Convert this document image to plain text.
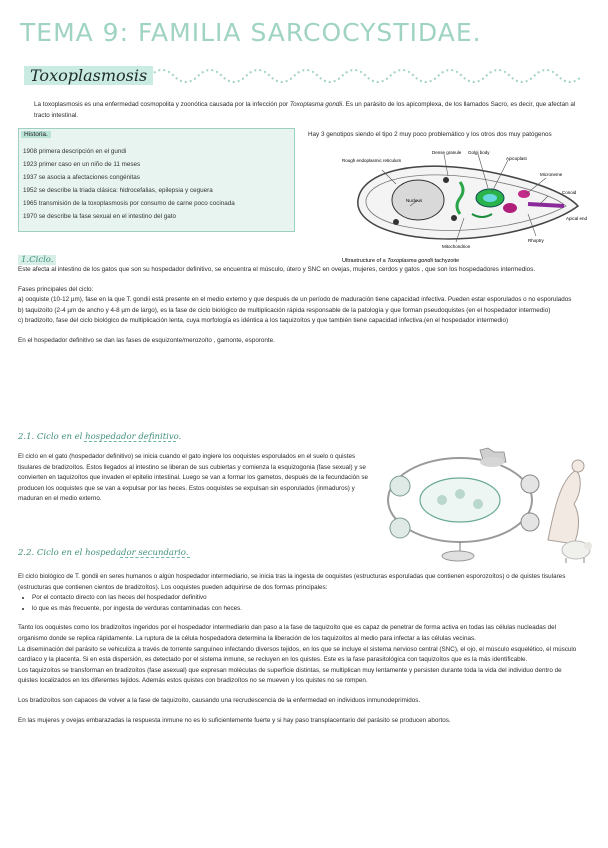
TEMA 9: FAMILIA SARCOCYSTIDAE.
Toxoplasmosis
La toxoplasmosis es una enfermedad cosmopolita y zoonótica causada por la infección por Toxoplasma gondii. Es un parásito de los apicomplexa, de los llamados Sacro, es decir, que afectan al tracto intestinal.
Historia.
1908 primera descripción en el gundi
1923 primer caso en un niño de 11 meses
1937 se asocia a afectaciones congénitas
1952 se describe la triada clásica: hidrocefalias, epilepsia y ceguera
1965 transmisión de la toxoplasmosis por consumo de carne poco cocinada
1970 se describe la fase sexual en el intestino del gato
Hay 3 genotipos siendo el tipo 2 muy poco problemático y los otros dos muy patógenos
Rough endoplasmic reticulum
Dense granule Golgi body
Apicoplast
Microneme
Conoid
Apical end
Nucleus
Mitochondrion
Rhoptry
Ultrastructure of a Toxoplasma gondii tachyzoite
1.Ciclo.
Este afecta al intestino de los gatos que son su hospedador definitivo, se encuentra el músculo, útero y SNC en ovejas, mujeres, cerdos y gatos , que son los hospedadores intermedios.
Fases principales del ciclo:
a) ooquiste (10-12 µm), fase en la que T. gondii está presente en el medio externo y que después de un período de maduración tiene capacidad infectiva. Pueden estar esporulados o no esporulados
b) taquizoíto (2-4 µm de ancho y 4-8 µm de largo), es la fase de ciclo biológico de multiplicación rápida responsable de la patología y que forman pseudoquistes (en el hospedador intermedio)
c) bradizoíto, fase del ciclo biológico de multiplicación lenta, cuya morfología es idéntica a los taquizoítos y que también tiene capacidad infectiva.(en el hospedador intermedio)
En el hospedador definitivo se dan las fases de esquizonte/merozoíto , gamonte, esporonte.
2.1. Ciclo en el hospedador definitivo.
El ciclo en el gato (hospedador definitivo) se inicia cuando el gato ingiere los ooquistes esporulados en el suelo o quistes tisulares de bradizoítos. Estos llegados al intestino se liberan de sus cubiertas y comienza la esquizogonia (fase sexual) y se convierten en taquizoítos que invaden el epitelio intestinal. Luego se van a formar los gametos, después de la fecundación se producen los ooquistes que se van a expulsar por las heces. Estos ooquistes se expulsan sin esporulados (inmaduros) y maduran en el medio externo.
2.2. Ciclo en el hospedador secundario.
El ciclo biológico de T. gondii en seres humanos o algún hospedador intermediario, se inicia tras la ingesta de ooquistes (estructuras esporuladas que contienen esporozoítos) o de quistes tisulares (estructuras que contienen cientos de bradizoítos). Los ooquistes pueden adquirirse de dos formas principales:
• Por el contacto directo con las heces del hospedador definitivo
• lo que es más frecuente, por ingesta de verduras contaminadas con heces.
Tanto los ooquistes como los bradizoítos ingeridos por el hospedador intermediario dan paso a la fase de taquizoíto que es capaz de penetrar de forma activa en todas las células nucleadas del organismo donde se replica rápidamente. La ruptura de la célula hospedadora determina la liberación de los taquizoítos al medio para infectar a las células vecinas.
La diseminación del parásito se vehiculiza a través de torrente sanguíneo infectando diversos tejidos, en los que se incluye el sistema nervioso central (SNC), el ojo, el músculo esquelético, el músculo cardíaco y la placenta. Si en esta dispersión, es detectado por el sistema inmune, se recluyen en los quistes. Este es la fase parasitológica con taquizoítos que es la más identificable.
Los taquizoítos se transforman en bradizoítos (fase asexual) que expresan moléculas de superficie distintas, se multiplican muy lentamente y persisten durante toda la vida del individuo dentro de quistes localizados en los diferentes tejidos. Además estos quistes con bradizoítos no se mueven y los quistes no se rompen.
Los bradizoítos son capaces de volver a la fase de taquizoíto, causando una recrudescencia de la enfermedad en individuos inmunodeprimidos.
En las mujeres y ovejas embarazadas la respuesta inmune no es lo suficientemente fuerte y si hay paso transplacentario del parásito se producen abortos.
